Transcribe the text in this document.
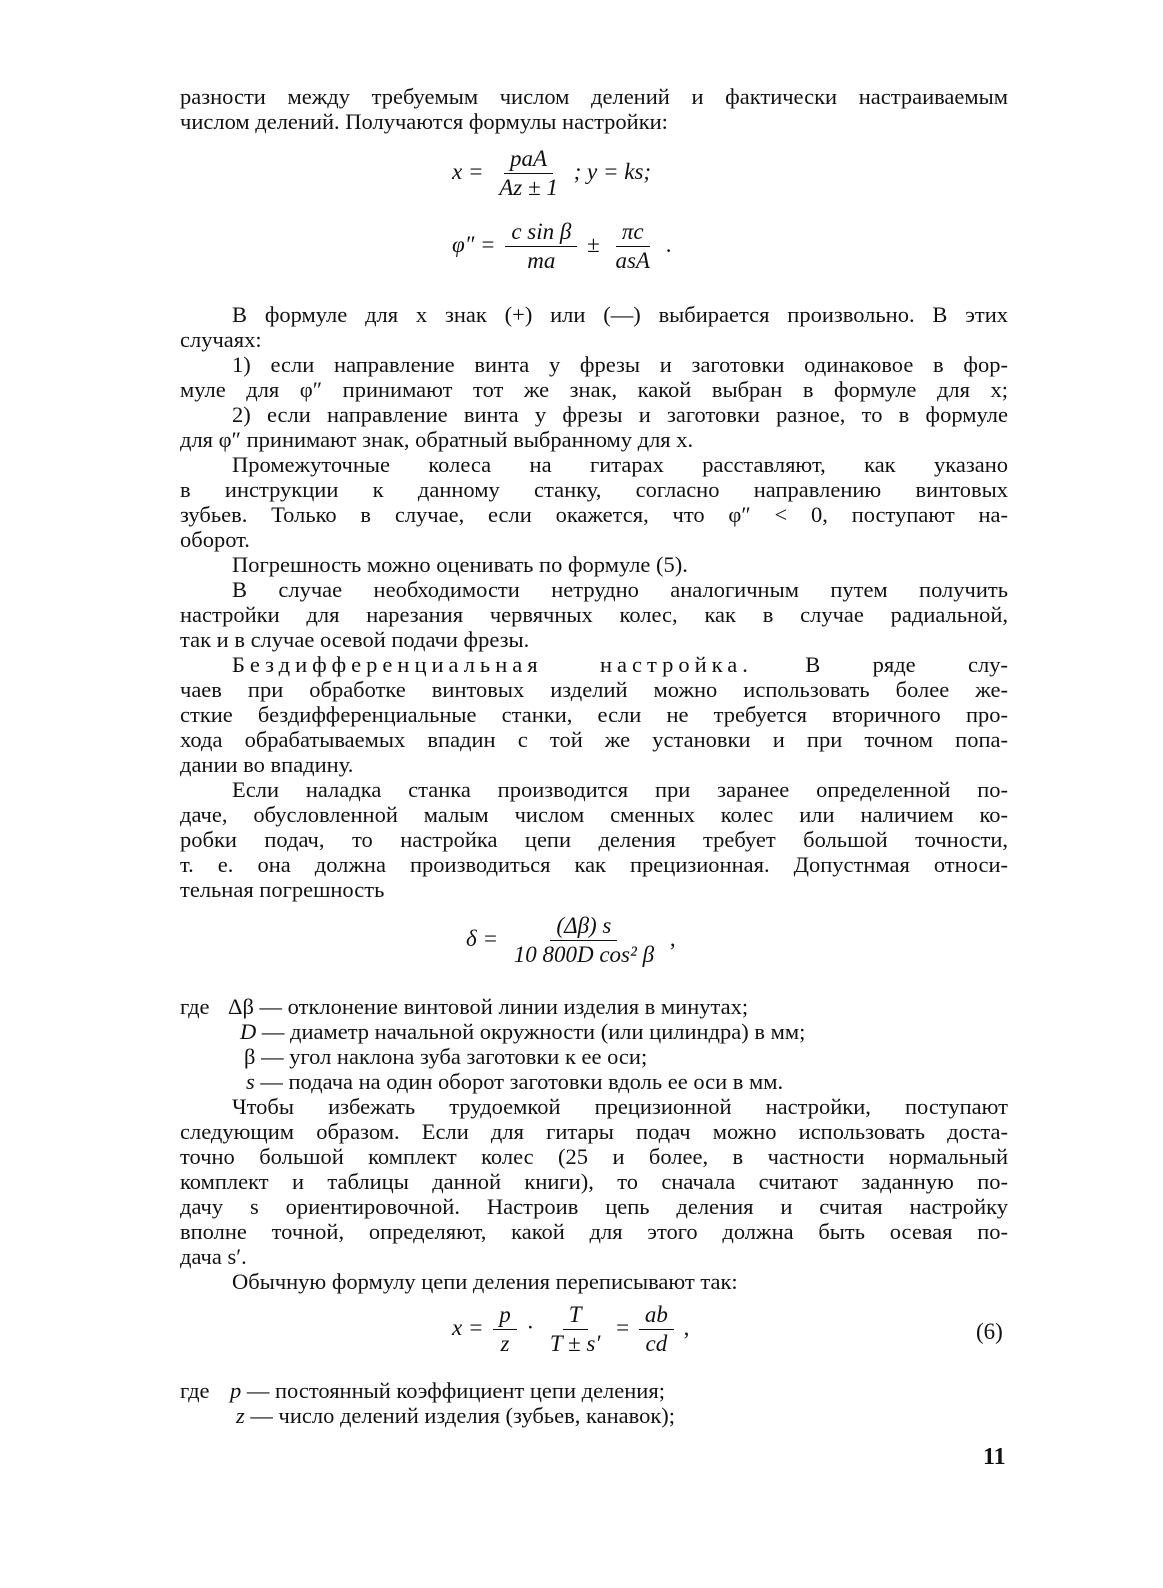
разности между требуемым числом делений и фактически настраиваемым
числом делений. Получаются формулы настройки:
$x = \frac{\text{paA}}{Az \pm 1}$ ; y = ks;
$\varphi'' = \frac{\text{c sin β}}{ma} \pm \frac{\pi c}{\text{asA}}$ .
В формуле для x знак (+) или (—) выбирается произвольно. В этих
случаях:
1) если направление винта у фрезы и заготовки одинаковое в фор-
муле для φ″ принимают тот же знак, какой выбран в формуле для x;
2) если направление винта у фрезы и заготовки разное, то в формуле
для φ″ принимают знак, обратный выбранному для x.
Промежуточные колеса на гитарах расставляют, как указано
в инструкции к данному станку, согласно направлению винтовых
зубьев. Только в случае, если окажется, что φ″ < 0, поступают на-
оборот.
Погрешность можно оценивать по формуле (5).
В случае необходимости нетрудно аналогичным путем получить
настройки для нарезания червячных колес, как в случае радиальной,
так и в случае осевой подачи фрезы.
Бездифференциальная настройка. В ряде слу-
чаев при обработке винтовых изделий можно использовать более же-
сткие бездифференциальные станки, если не требуется вторичного про-
хода обрабатываемых впадин с той же установки и при точном попа-
дании во впадину.
Если наладка станка производится при заранее определенной по-
даче, обусловленной малым числом сменных колес или наличием ко-
робки подач, то настройка цепи деления требует большой точности,
т. е. она должна производиться как прецизионная. Допустнмая относи-
тельная погрешность
$\delta = \frac{(\Delta\beta) s}{\text{10 800D cos² β}}$ ,
где Δβ — отклонение винтовой линии изделия в минутах;
D — диаметр начальной окружности (или цилиндра) в мм;
β — угол наклона зуба заготовки к ее оси;
s — подача на один оборот заготовки вдоль ее оси в мм.
Чтобы избежать трудоемкой прецизионной настройки, поступают
следующим образом. Если для гитары подач можно использовать доста-
точно большой комплект колес (25 и более, в частности нормальный
комплект и таблицы данной книги), то сначала считают заданную по-
дачу s ориентировочной. Настроив цепь деления и считая настройку
вполне точной, определяют, какой для этого должна быть осевая по-
дача s′.
Обычную формулу цепи деления переписывают так:
$x = \frac{p}{z} \cdot \frac{T}{T \pm s'} = \frac{ab}{cd}$ ,	(6)
где p — постоянный коэффициент цепи деления;
z — число делений изделия (зубьев, канавок);
11
